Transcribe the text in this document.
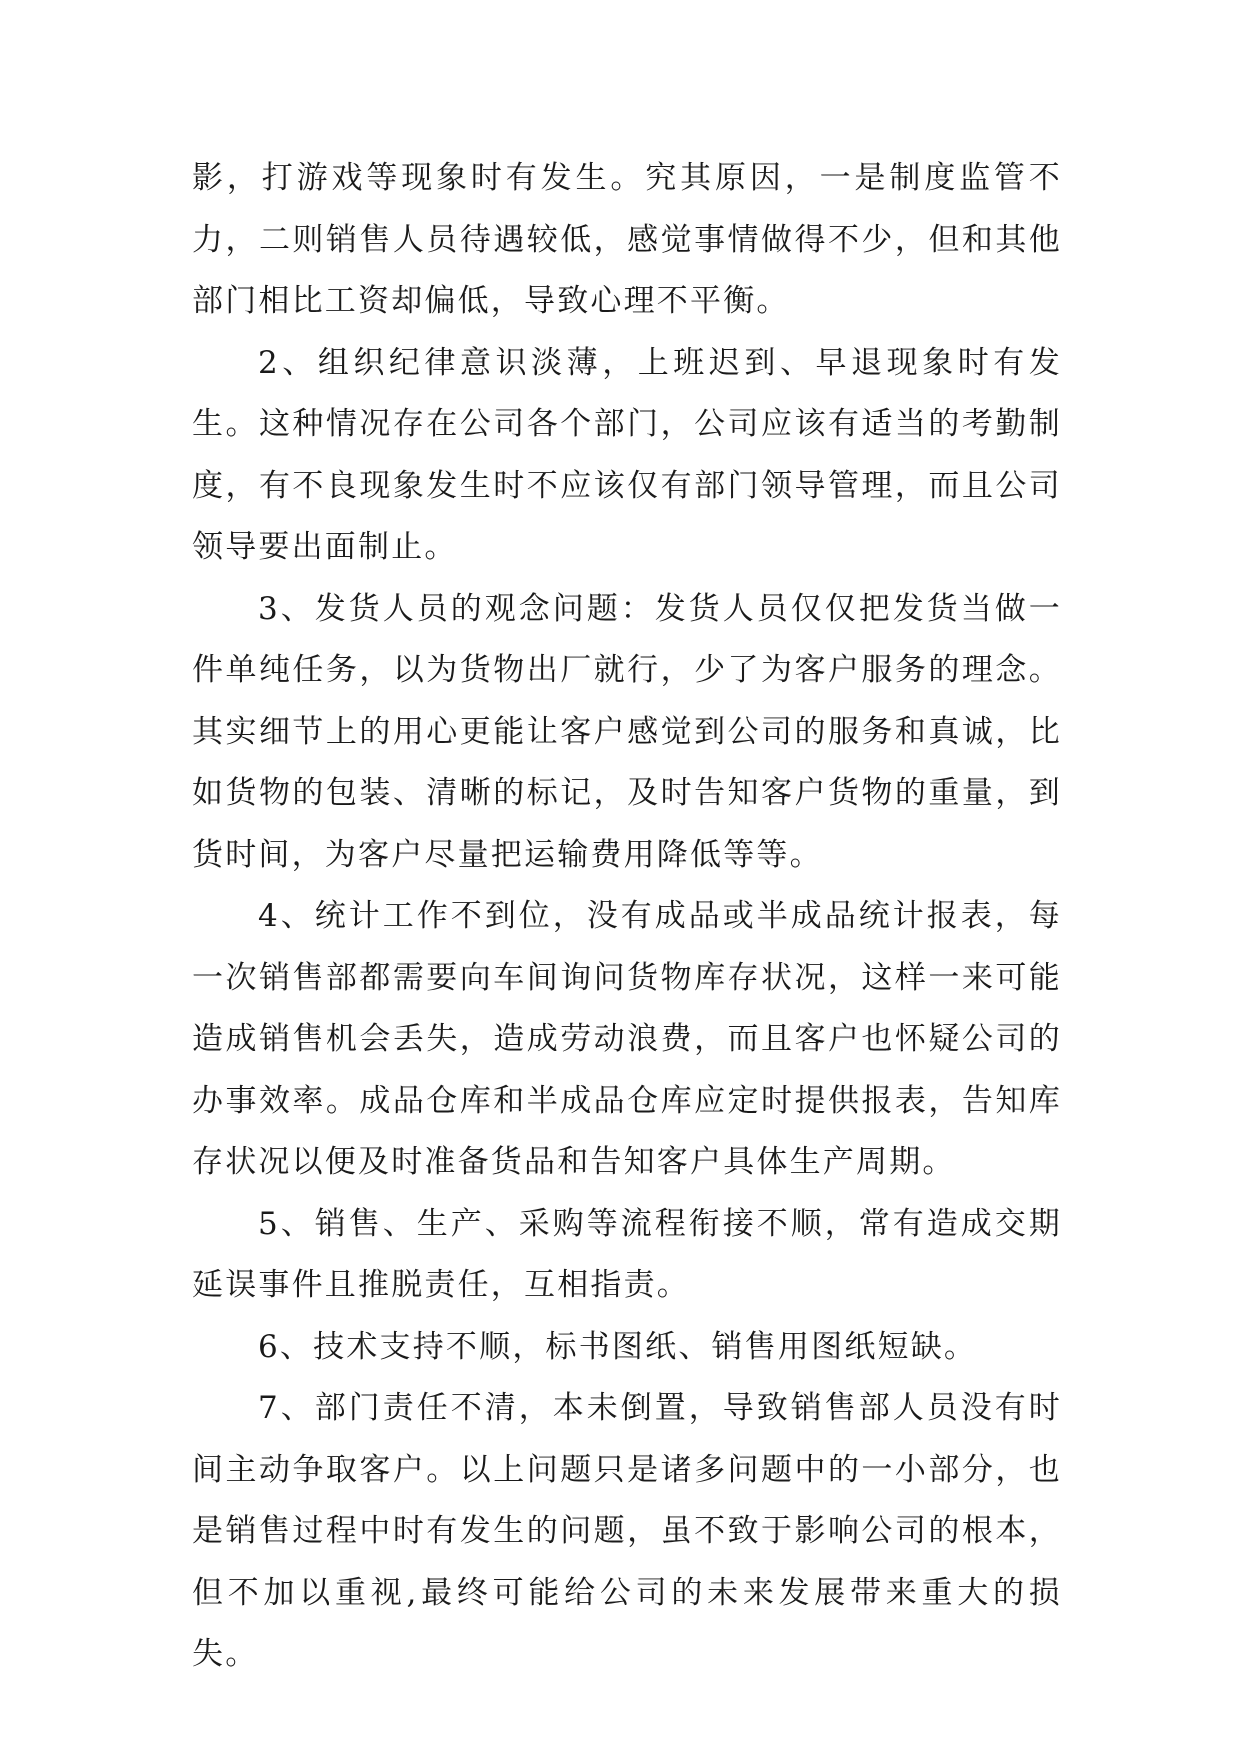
影，打游戏等现象时有发生。究其原因，一是制度监管不力，二则销售人员待遇较低，感觉事情做得不少，但和其他部门相比工资却偏低，导致心理不平衡。

2、组织纪律意识淡薄，上班迟到、早退现象时有发生。这种情况存在公司各个部门，公司应该有适当的考勤制度，有不良现象发生时不应该仅有部门领导管理，而且公司领导要出面制止。

3、发货人员的观念问题：发货人员仅仅把发货当做一件单纯任务，以为货物出厂就行，少了为客户服务的理念。其实细节上的用心更能让客户感觉到公司的服务和真诚，比如货物的包装、清晰的标记，及时告知客户货物的重量，到货时间，为客户尽量把运输费用降低等等。

4、统计工作不到位，没有成品或半成品统计报表，每一次销售部都需要向车间询问货物库存状况，这样一来可能造成销售机会丢失，造成劳动浪费，而且客户也怀疑公司的办事效率。成品仓库和半成品仓库应定时提供报表，告知库存状况以便及时准备货品和告知客户具体生产周期。

5、销售、生产、采购等流程衔接不顺，常有造成交期延误事件且推脱责任，互相指责。

6、技术支持不顺，标书图纸、销售用图纸短缺。

7、部门责任不清，本未倒置，导致销售部人员没有时间主动争取客户。以上问题只是诸多问题中的一小部分，也是销售过程中时有发生的问题，虽不致于影响公司的根本，但不加以重视,最终可能给公司的未来发展带来重大的损失。
